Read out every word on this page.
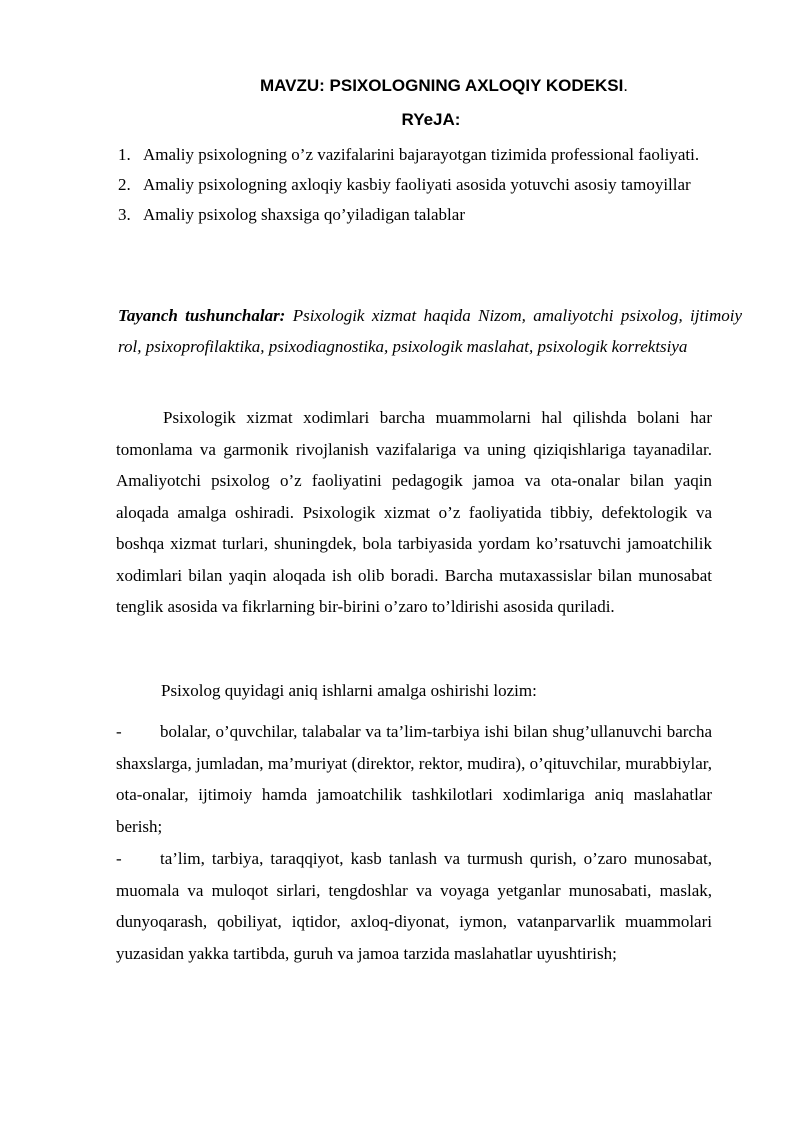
MAVZU: PSIXOLOGNING AXLOQIY KODEKSI.
RYeJA:
1. Amaliy psixologning o’z vazifalarini bajarayotgan tizimida professional faoliyati.
2. Amaliy psixologning axloqiy kasbiy faoliyati asosida yotuvchi asosiy tamoyillar
3. Amaliy psixolog shaxsiga qo’yiladigan talablar
Tayanch tushunchalar: Psixologik xizmat haqida Nizom, amaliyotchi psixolog, ijtimoiy rol, psixoprofilaktika, psixodiagnostika, psixologik maslahat, psixologik korrektsiya
Psixologik xizmat xodimlari barcha muammolarni hal qilishda bolani har tomonlama va garmonik rivojlanish vazifalariga va uning qiziqishlariga tayanadilar. Amaliyotchi psixolog o’z faoliyatini pedagogik jamoa va ota-onalar bilan yaqin aloqada amalga oshiradi. Psixologik xizmat o’z faoliyatida tibbiy, defektologik va boshqa xizmat turlari, shuningdek, bola tarbiyasida yordam ko’rsatuvchi jamoatchilik xodimlari bilan yaqin aloqada ish olib boradi. Barcha mutaxassislar bilan munosabat tenglik asosida va fikrlarning bir-birini o’zaro to’ldirishi asosida quriladi.
Psixolog quyidagi aniq ishlarni amalga oshirishi lozim:
- bolalar, o’quvchilar, talabalar va ta’lim-tarbiya ishi bilan shug’ullanuvchi barcha shaxslarga, jumladan, ma’muriyat (direktor, rektor, mudira), o’qituvchilar, murabbiylar, ota-onalar, ijtimoiy hamda jamoatchilik tashkilotlari xodimlariga aniq maslahatlar berish;
- ta’lim, tarbiya, taraqqiyot, kasb tanlash va turmush qurish, o’zaro munosabat, muomala va muloqot sirlari, tengdoshlar va voyaga yetganlar munosabati, maslak, dunyoqarash, qobiliyat, iqtidor, axloq-diyonat, iymon, vatanparvarlik muammolari yuzasidan yakka tartibda, guruh va jamoa tarzida maslahatlar uyushtirish;
